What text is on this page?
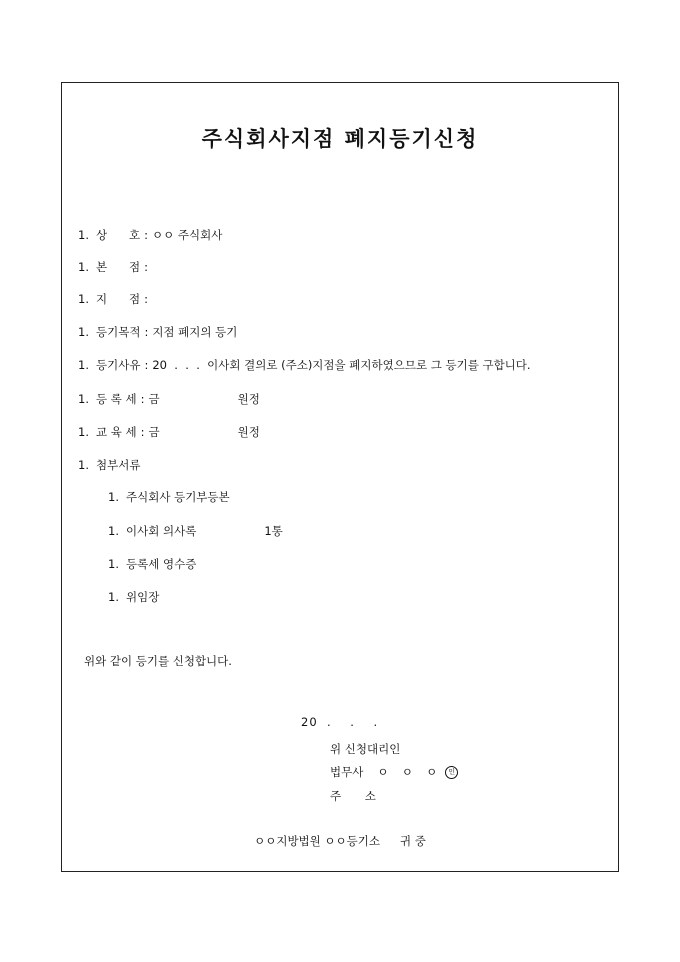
주식회사지점 폐지등기신청
1. 상      호 : ㅇㅇ 주식회사
1. 본      점 :
1. 지      점 :
1. 등기목적 : 지점 폐지의 등기
1. 등기사유 : 20  .  .  .  이사회 결의로 (주소)지점을 폐지하였으므로 그 등기를 구합니다.
1. 등 록 세 : 금	원정
1. 교 육 세 : 금	원정
1. 첨부서류
1. 주식회사 등기부등본
1. 이사회 의사록	1통
1. 등록세 영수증
1. 위임장
위와 같이 등기를 신청합니다.
20  .    .    .
위 신청대리인
법무사 ㅇ  ㅇ  ㅇ 인
주 소
ㅇㅇ지방법원 ㅇㅇ등기소 귀 중
